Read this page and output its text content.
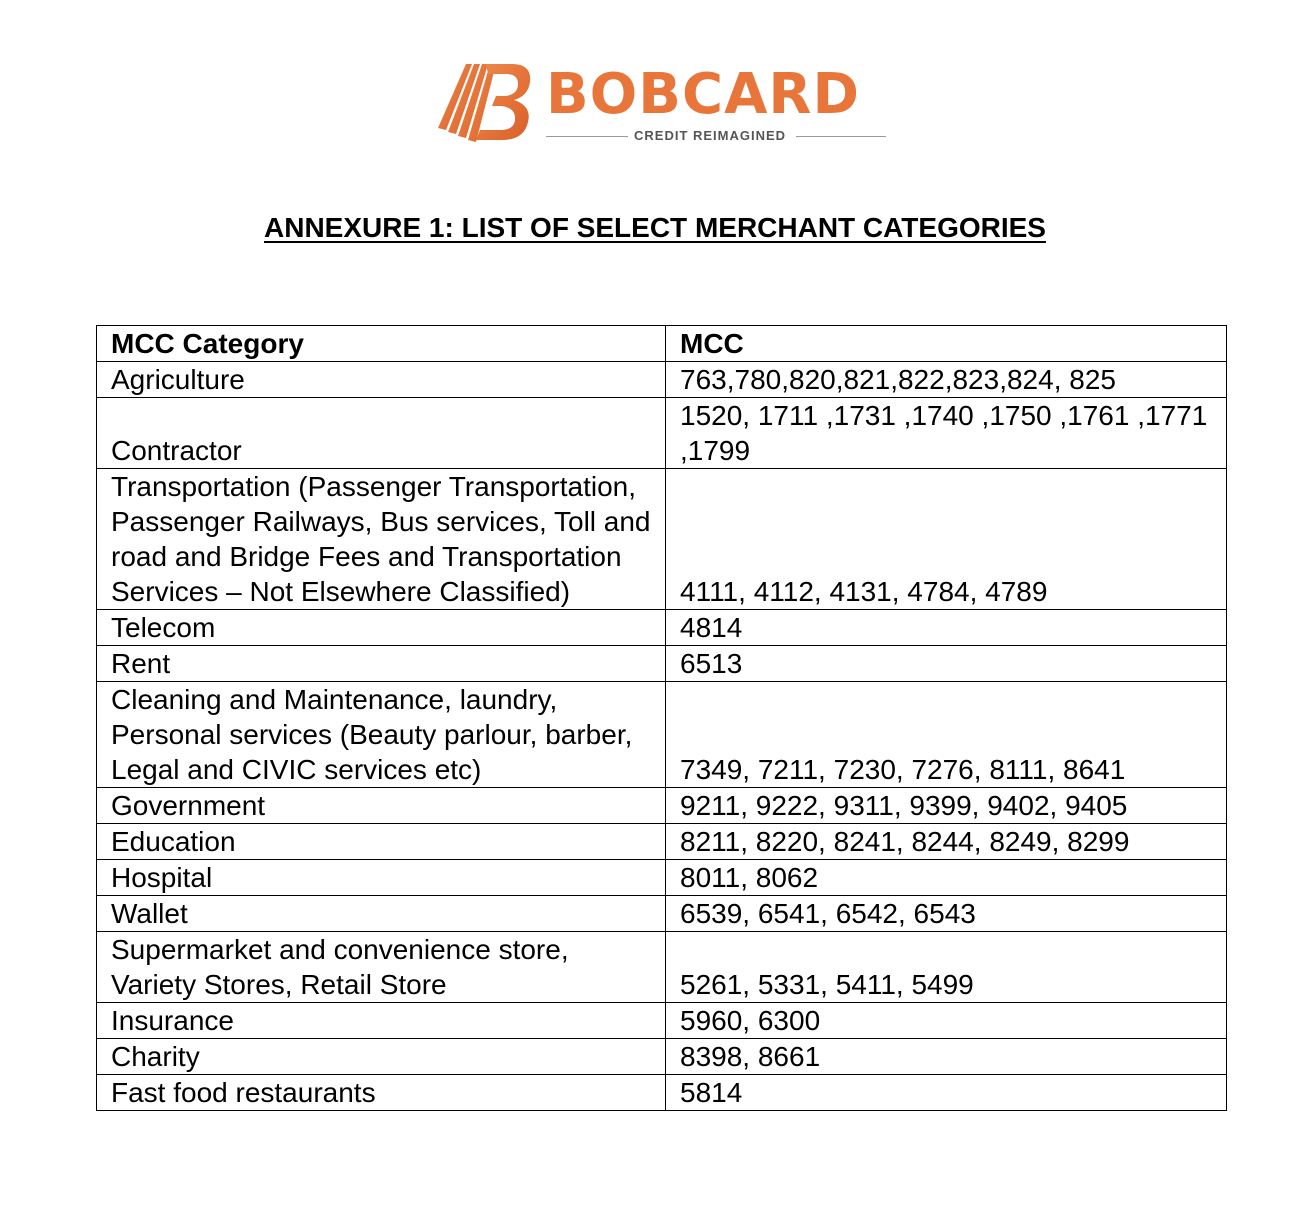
BOBCARD
CREDIT REIMAGINED
ANNEXURE 1: LIST OF SELECT MERCHANT CATEGORIES
MCC Category	MCC
Agriculture	763,780,820,821,822,823,824, 825
Contractor	1520, 1711 ,1731 ,1740 ,1750 ,1761 ,1771 ,1799
Transportation (Passenger Transportation, Passenger Railways, Bus services, Toll and road and Bridge Fees and Transportation Services – Not Elsewhere Classified)	4111, 4112, 4131, 4784, 4789
Telecom	4814
Rent	6513
Cleaning and Maintenance, laundry, Personal services (Beauty parlour, barber, Legal and CIVIC services etc)	7349, 7211, 7230, 7276, 8111, 8641
Government	9211, 9222, 9311, 9399, 9402, 9405
Education	8211, 8220, 8241, 8244, 8249, 8299
Hospital	8011, 8062
Wallet	6539, 6541, 6542, 6543
Supermarket and convenience store, Variety Stores, Retail Store	5261, 5331, 5411, 5499
Insurance	5960, 6300
Charity	8398, 8661
Fast food restaurants	5814
